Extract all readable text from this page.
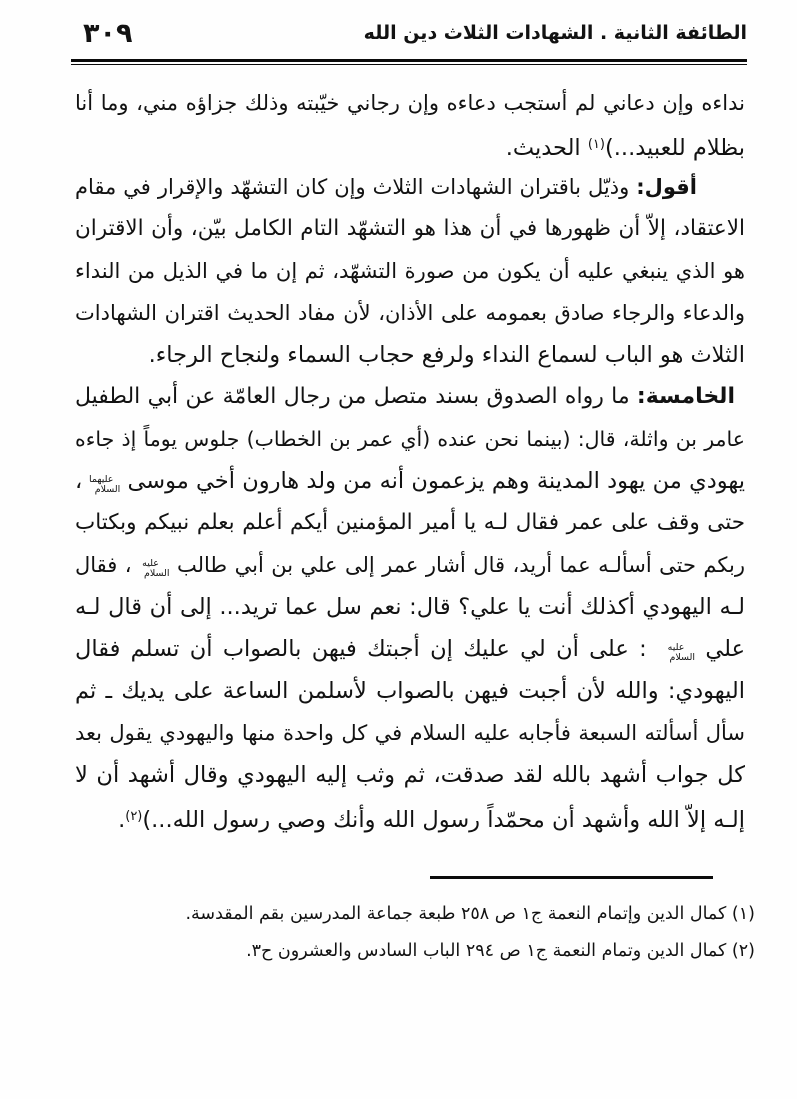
٣٠٩	الطائفة الثانية . الشهادات الثلاث دين الله
نداءه وإن دعاني لم أستجب دعاءه وإن رجاني خيّبته وذلك جزاؤه مني، وما أنا
بظلام للعبيد...)$^{(١)}$ الحديث.
أقول: وذيّل باقتران الشهادات الثلاث وإن كان التشهّد والإقرار في مقام
الاعتقاد، إلاّ أن ظهورها في أن هذا هو التشهّد التام الكامل بيّن، وأن الاقتران
هو الذي ينبغي عليه أن يكون من صورة التشهّد، ثم إن ما في الذيل من النداء
والدعاء والرجاء صادق بعمومه على الأذان، لأن مفاد الحديث اقتران الشهادات
الثلاث هو الباب لسماع النداء ولرفع حجاب السماء ولنجاح الرجاء.
الخامسة: ما رواه الصدوق بسند متصل من رجال العامّة عن أبي الطفيل
عامر بن واثلة، قال: (بينما نحن عنده (أي عمر بن الخطاب) جلوس يوماً إذ جاءه
يهودي من يهود المدينة وهم يزعمون أنه من ولد هارون أخي موسى عليهما السلام،
حتى وقف على عمر فقال لـه يا أمير المؤمنين أيكم أعلم بعلم نبيكم وبكتاب
ربكم حتى أسألـه عما أريد، قال أشار عمر إلى علي بن أبي طالب عليه السلام، فقال
لـه اليهودي أكذلك أنت يا علي؟ قال: نعم سل عما تريد... إلى أن قال لـه
علي عليه السلام : على أن لي عليك إن أجبتك فيهن بالصواب أن تسلم فقال
اليهودي: والله لأن أجبت فيهن بالصواب لأسلمن الساعة على يديك ـ ثم
سأل أسألته السبعة فأجابه عليه السلام في كل واحدة منها واليهودي يقول بعد
كل جواب أشهد بالله لقد صدقت، ثم وثب إليه اليهودي وقال أشهد أن لا
إلـه إلاّ الله وأشهد أن محمّداً رسول الله وأنك وصي رسول الله...)$^{(٢)}$.
(١) كمال الدين وإتمام النعمة ج١ ص ٢٥٨ طبعة جماعة المدرسين بقم المقدسة.
(٢) كمال الدين وتمام النعمة ج١ ص ٢٩٤ الباب السادس والعشرون ح٣.
